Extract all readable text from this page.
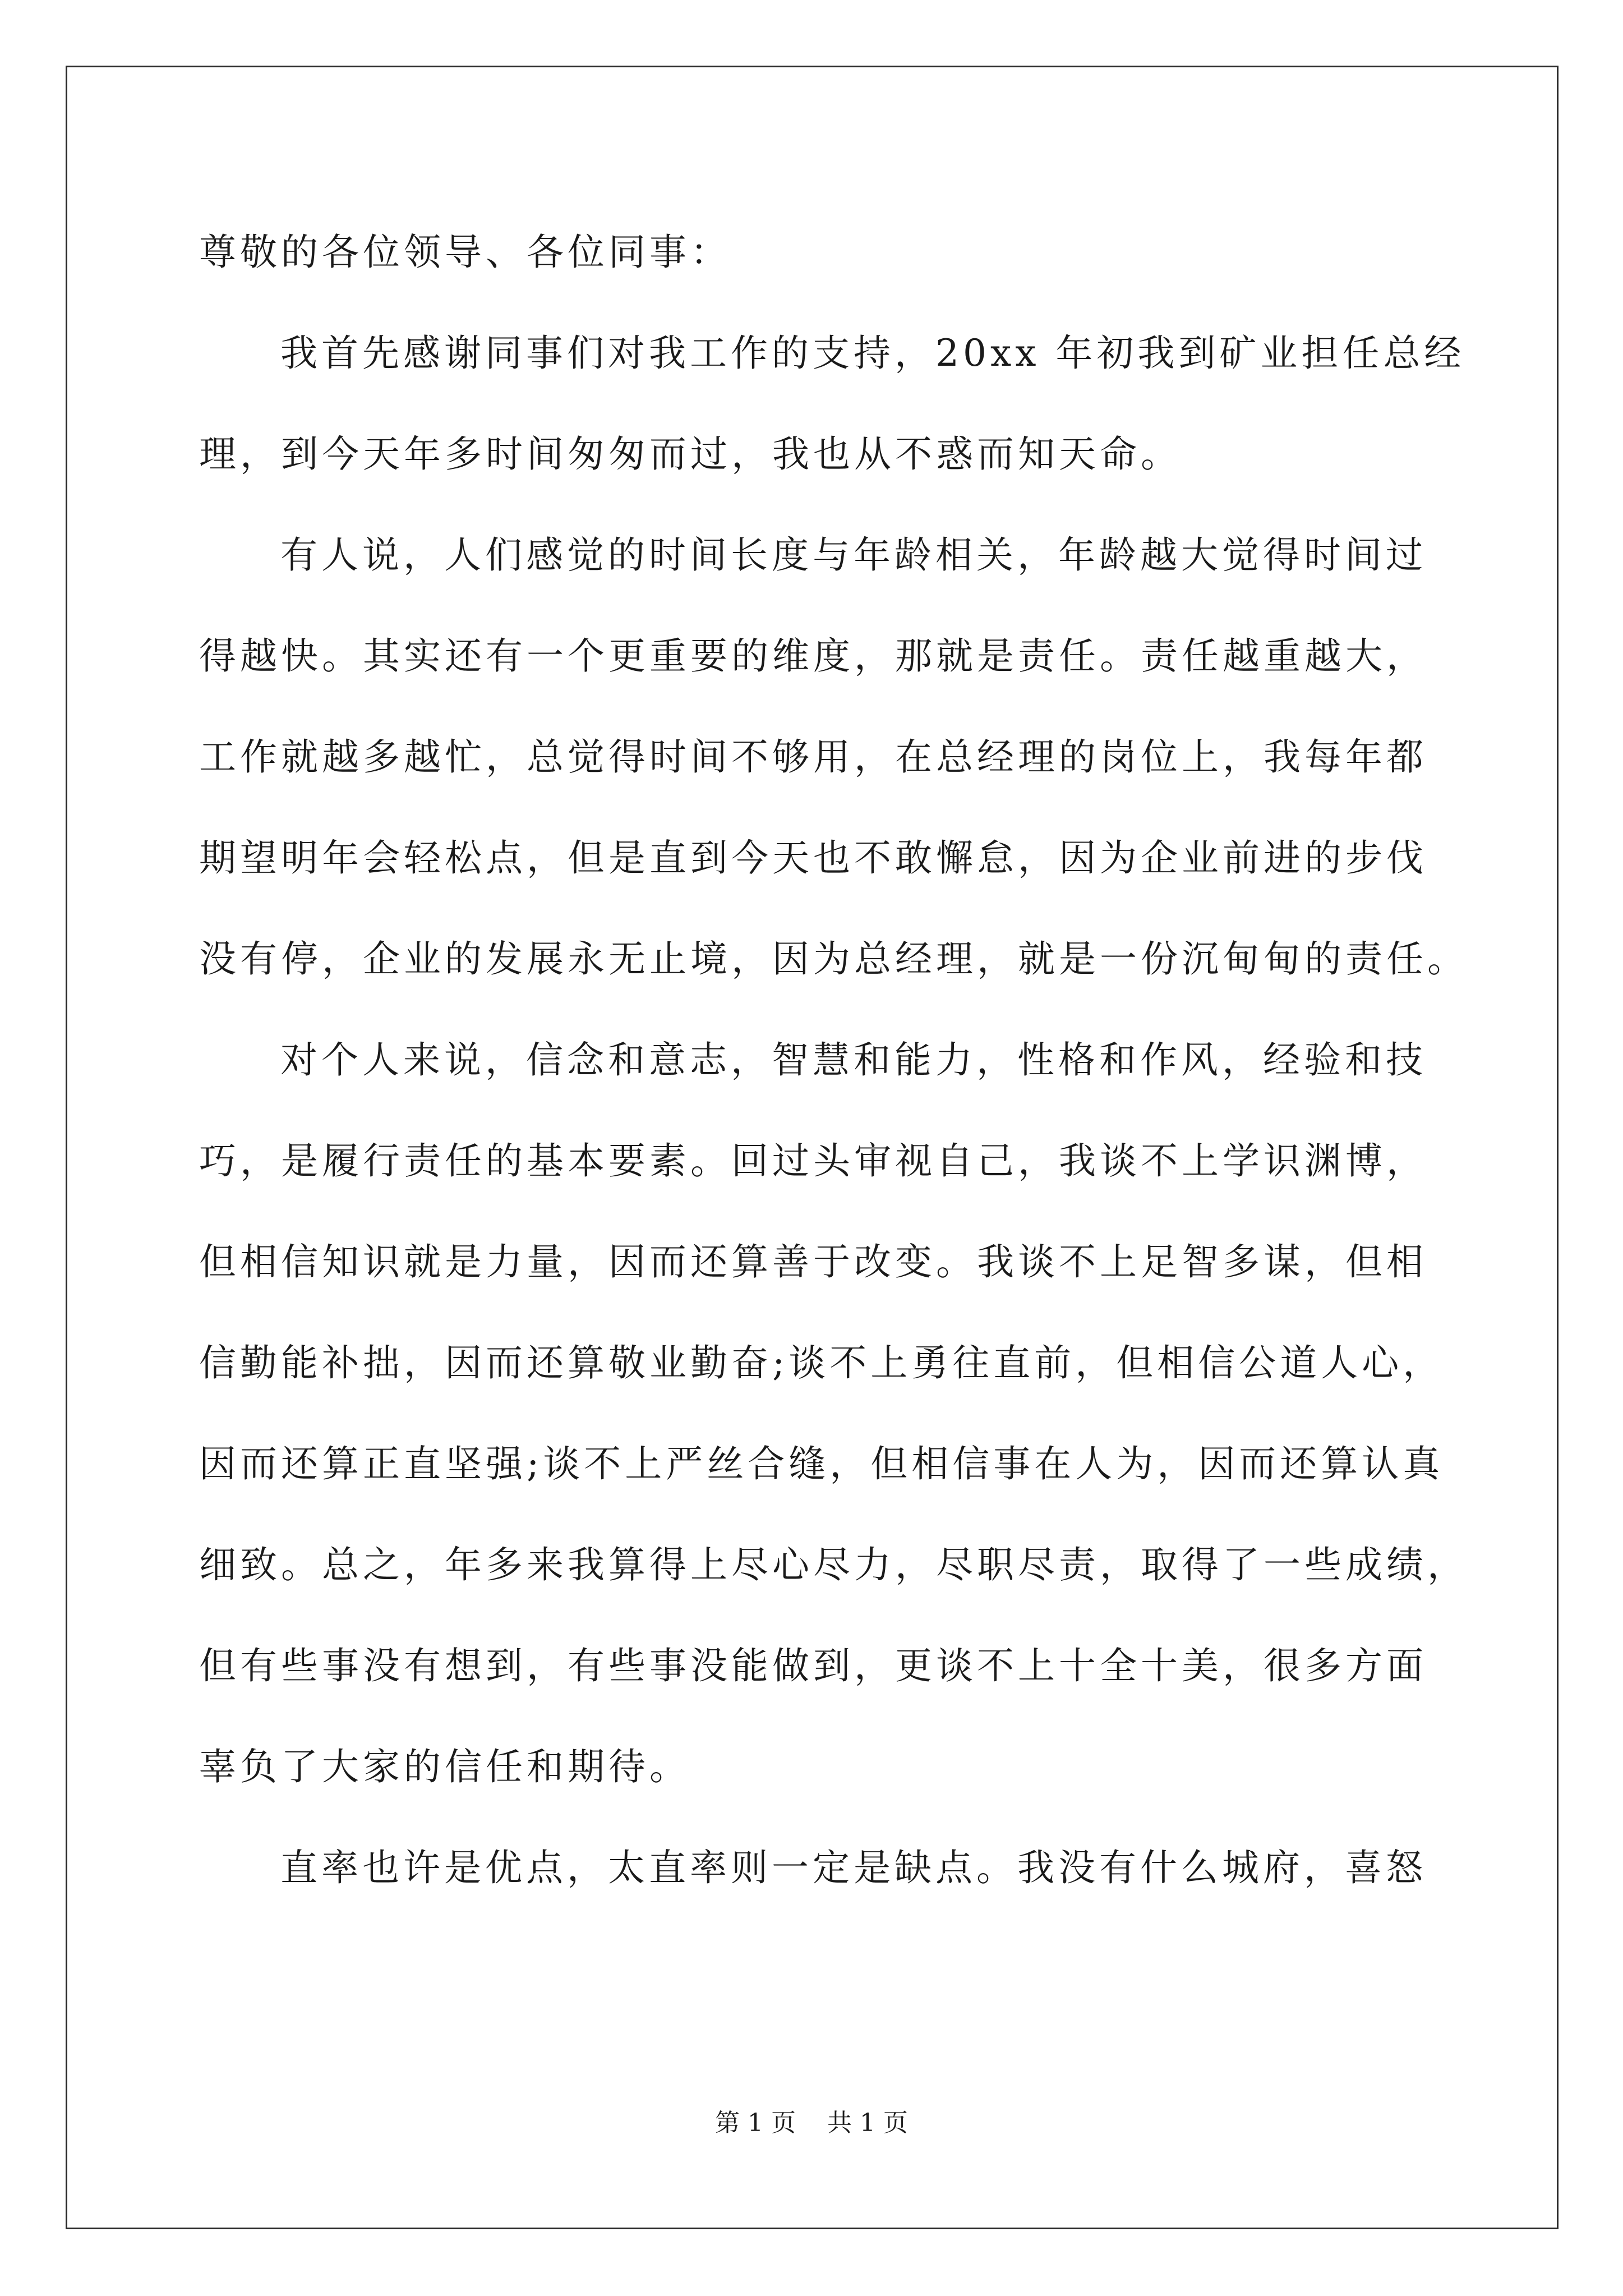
尊敬的各位领导、各位同事：
我首先感谢同事们对我工作的支持，20xx 年初我到矿业担任总经
理，到今天年多时间匆匆而过，我也从不惑而知天命。
有人说，人们感觉的时间长度与年龄相关，年龄越大觉得时间过
得越快。其实还有一个更重要的维度，那就是责任。责任越重越大，
工作就越多越忙，总觉得时间不够用，在总经理的岗位上，我每年都
期望明年会轻松点，但是直到今天也不敢懈怠，因为企业前进的步伐
没有停，企业的发展永无止境，因为总经理，就是一份沉甸甸的责任。
对个人来说，信念和意志，智慧和能力，性格和作风，经验和技
巧，是履行责任的基本要素。回过头审视自己，我谈不上学识渊博，
但相信知识就是力量，因而还算善于改变。我谈不上足智多谋，但相
信勤能补拙，因而还算敬业勤奋;谈不上勇往直前，但相信公道人心，
因而还算正直坚强;谈不上严丝合缝，但相信事在人为，因而还算认真
细致。总之，年多来我算得上尽心尽力，尽职尽责，取得了一些成绩，
但有些事没有想到，有些事没能做到，更谈不上十全十美，很多方面
辜负了大家的信任和期待。
直率也许是优点，太直率则一定是缺点。我没有什么城府，喜怒
第 1 页    共 1 页
